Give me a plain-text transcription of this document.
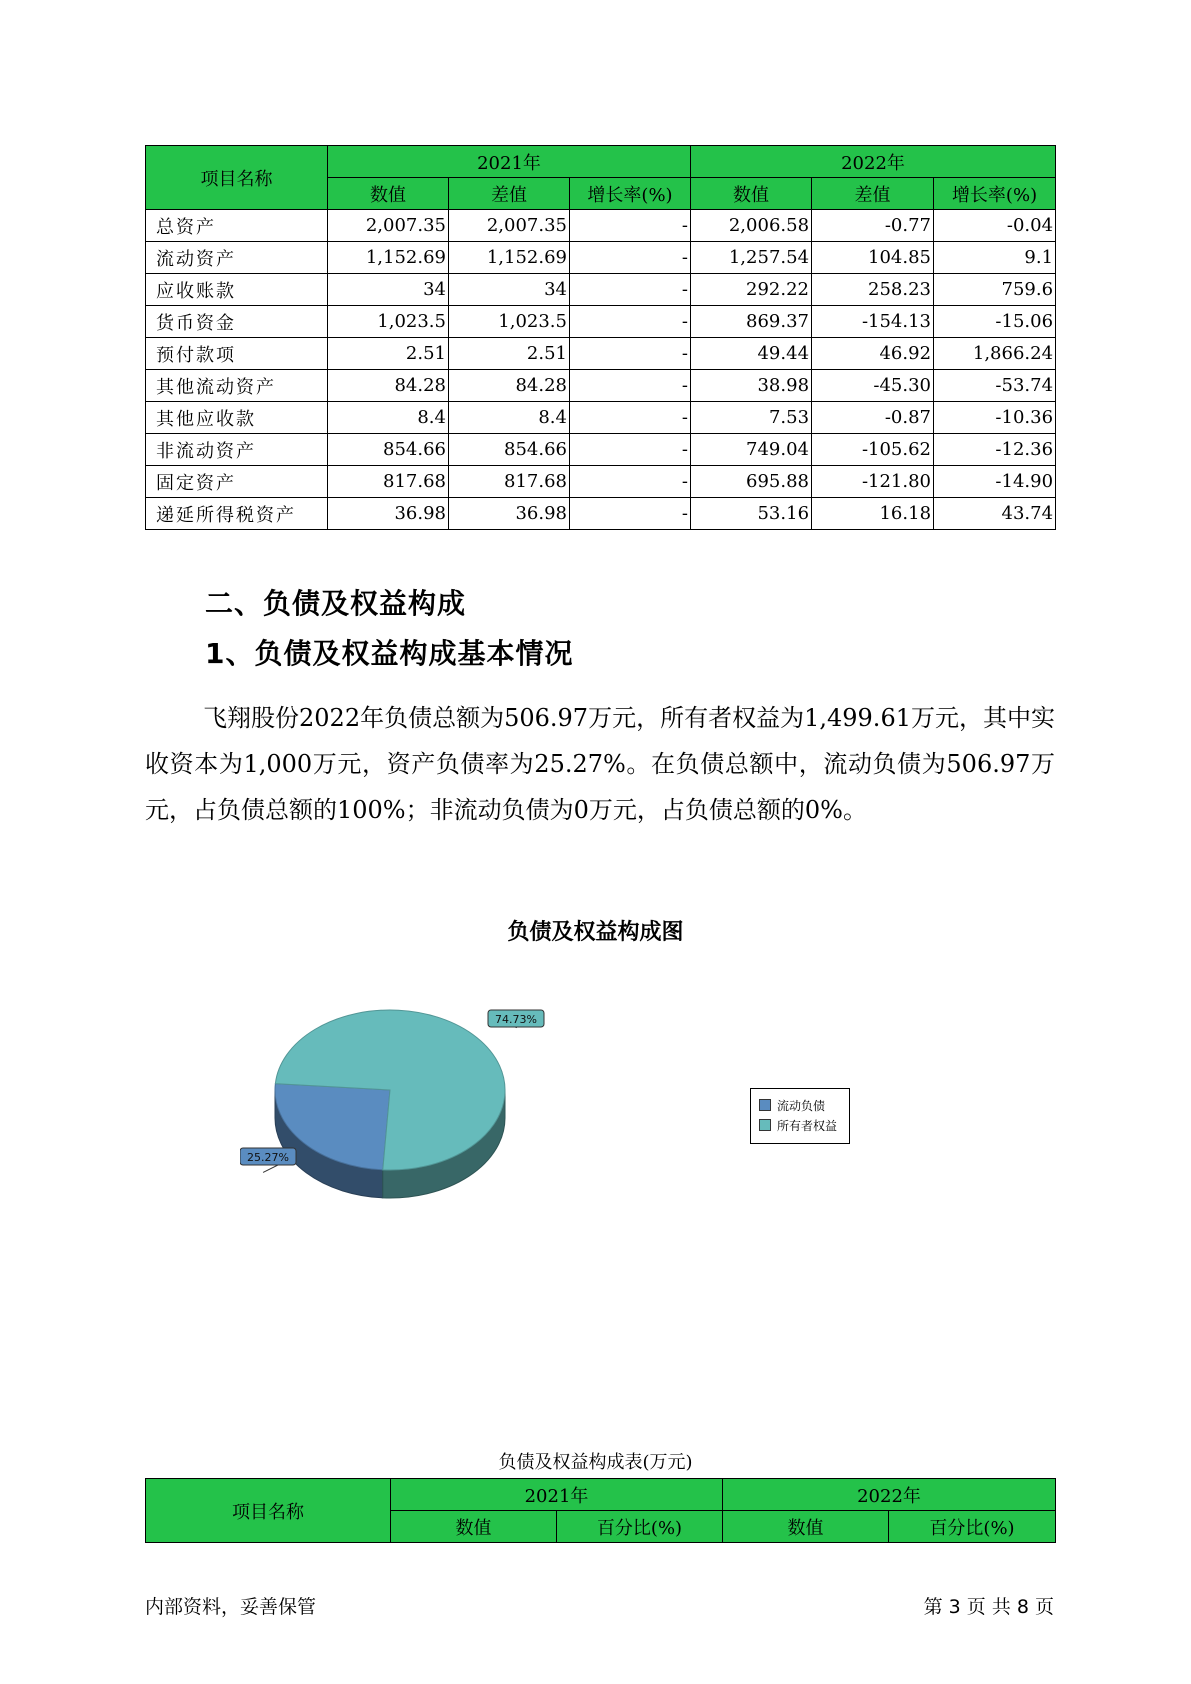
项目名称	2021年			2022年		
	数值	差值	增长率(%)	数值	差值	增长率(%)
总资产	2,007.35	2,007.35	-	2,006.58	-0.77	-0.04
流动资产	1,152.69	1,152.69	-	1,257.54	104.85	9.1
应收账款	34	34	-	292.22	258.23	759.6
货币资金	1,023.5	1,023.5	-	869.37	-154.13	-15.06
预付款项	2.51	2.51	-	49.44	46.92	1,866.24
其他流动资产	84.28	84.28	-	38.98	-45.30	-53.74
其他应收款	8.4	8.4	-	7.53	-0.87	-10.36
非流动资产	854.66	854.66	-	749.04	-105.62	-12.36
固定资产	817.68	817.68	-	695.88	-121.80	-14.90
递延所得税资产	36.98	36.98	-	53.16	16.18	43.74
二、负债及权益构成
1、负债及权益构成基本情况
飞翔股份2022年负债总额为506.97万元，所有者权益为1,499.61万元，其中实收资本为1,000万元，资产负债率为25.27%。在负债总额中，流动负债为506.97万元，占负债总额的100%；非流动负债为0万元，占负债总额的0%。
负债及权益构成图
25.27%
74.73%
流动负债
所有者权益
负债及权益构成表(万元)
项目名称	2021年		2022年	
	数值	百分比(%)	数值	百分比(%)
内部资料，妥善保管	第 3 页 共 8 页
